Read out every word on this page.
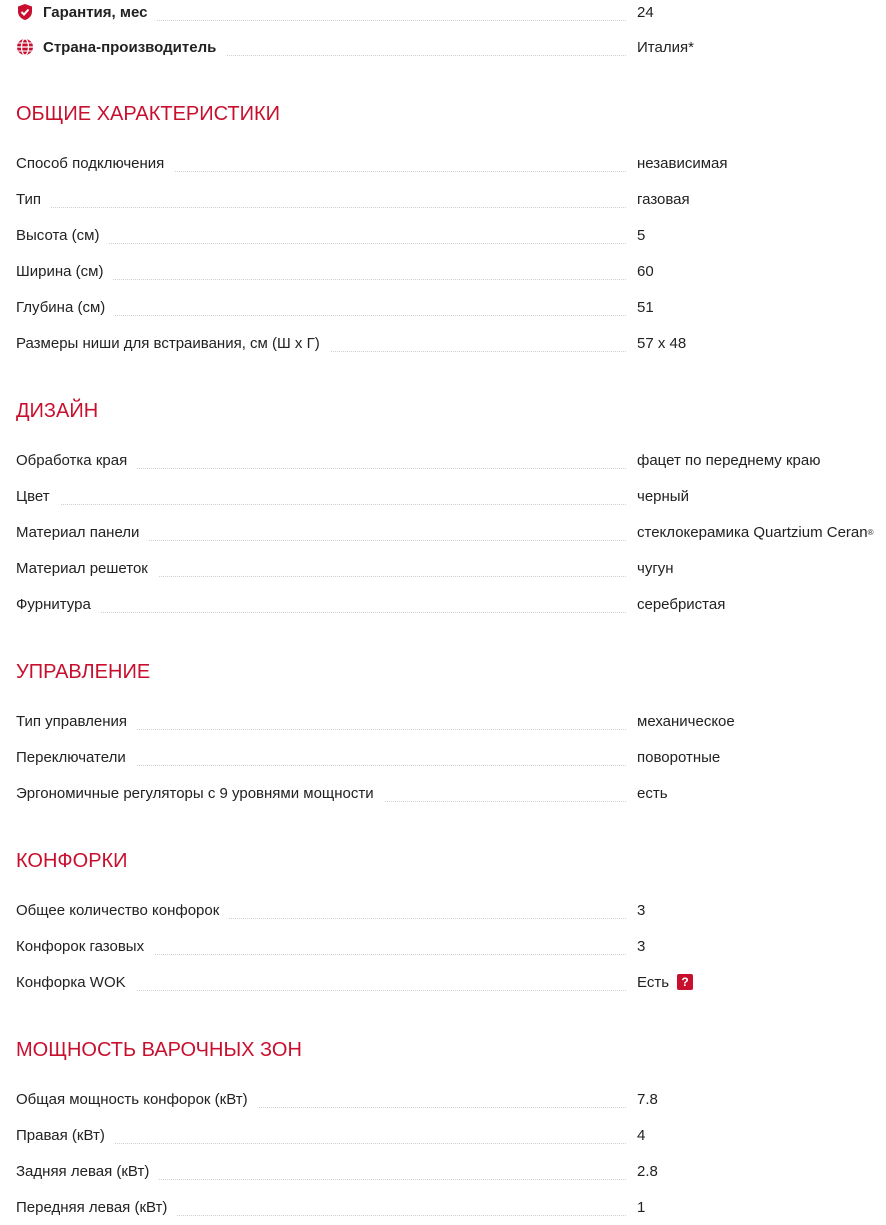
Гарантия, мес	24
Страна-производитель	Италия*
ОБЩИЕ ХАРАКТЕРИСТИКИ
Способ подключения	независимая
Тип	газовая
Высота (см)	5
Ширина (см)	60
Глубина (см)	51
Размеры ниши для встраивания, см (Ш х Г)	57 x 48
ДИЗАЙН
Обработка края	фацет по переднему краю
Цвет	черный
Материал панели	стеклокерамика Quartzium Ceran ®
Материал решеток	чугун
Фурнитура	серебристая
УПРАВЛЕНИЕ
Тип управления	механическое
Переключатели	поворотные
Эргономичные регуляторы с 9 уровнями мощности	есть
КОНФОРКИ
Общее количество конфорок	3
Конфорок газовых	3
Конфорка WOK	Есть	?
МОЩНОСТЬ ВАРОЧНЫХ ЗОН
Общая мощность конфорок (кВт)	7.8
Правая (кВт)	4
Задняя левая (кВт)	2.8
Передняя левая (кВт)	1
